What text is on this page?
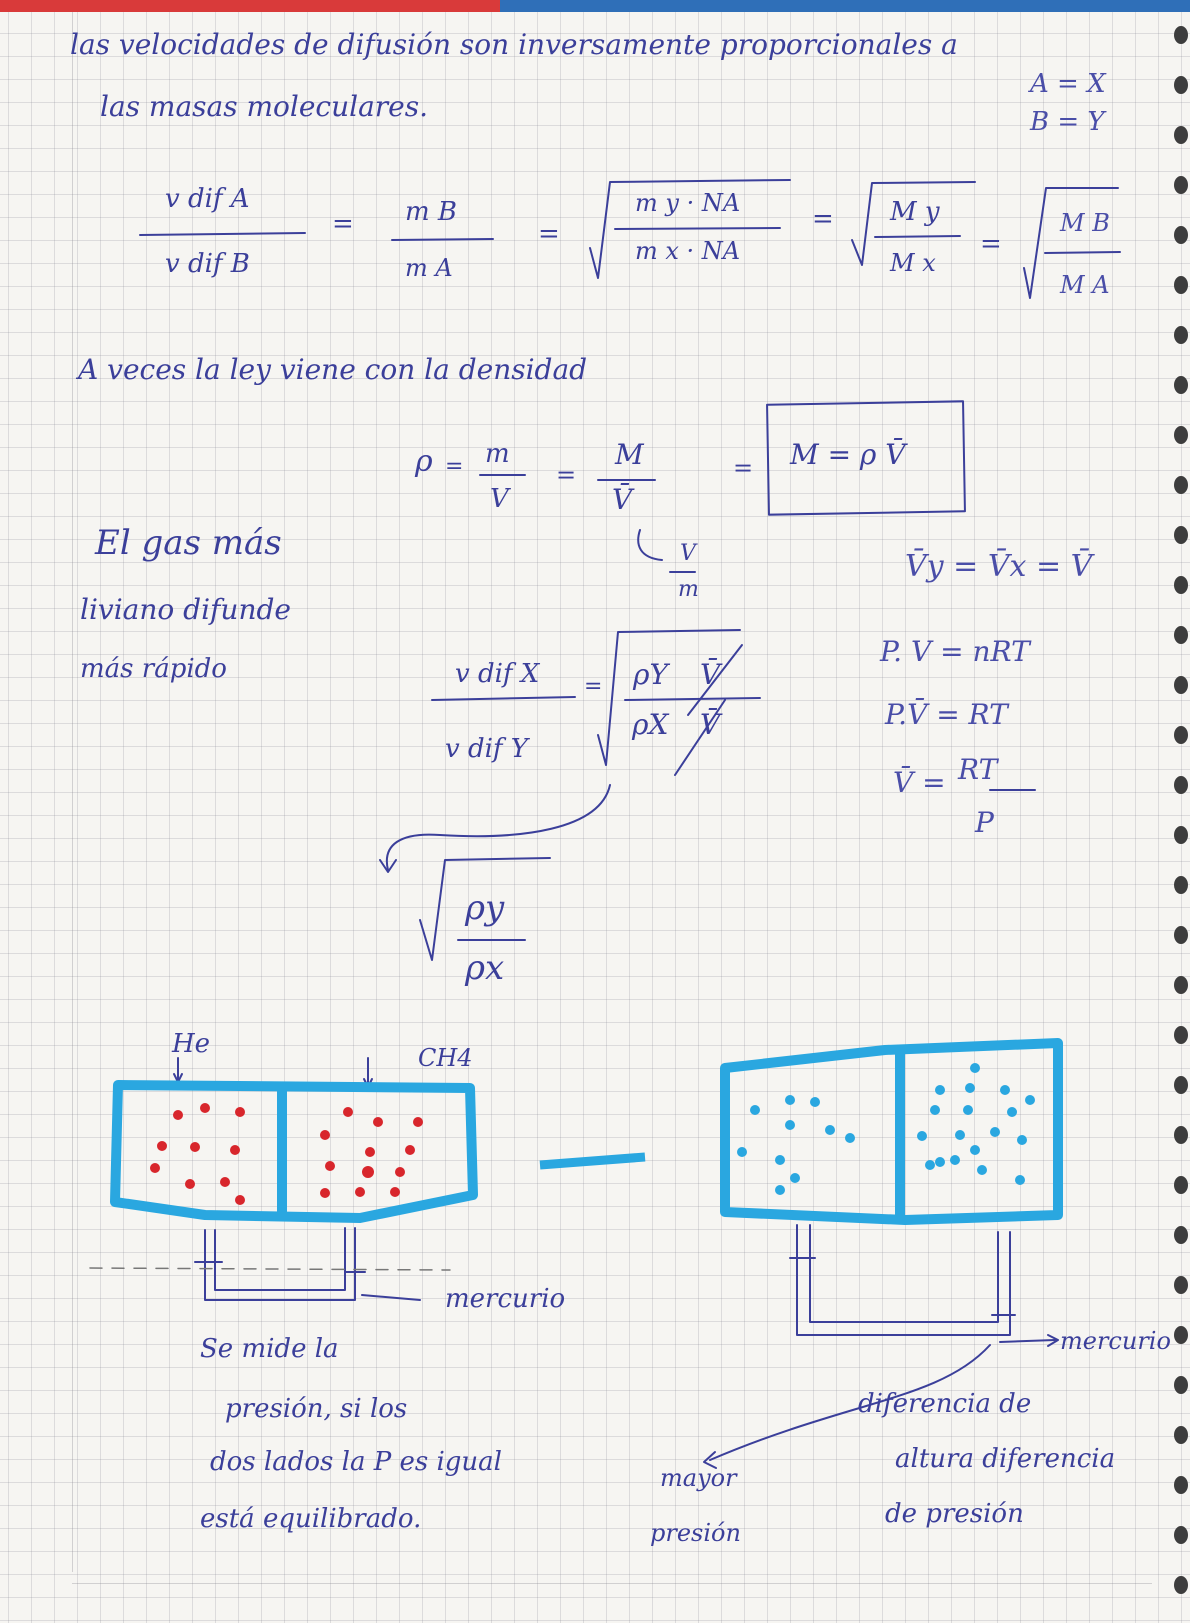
las velocidades de difusión son inversamente proporcionales a
las masas moleculares.
A = X
B = Y
v dif A
v dif B
= m B
m A
=
m y · NA
m x · NA
= M y
M x
=
M B
M A
A veces la ley viene con la densidad
ρ = m
V
=
M
V̄
= M = ρ V̄
V
m
El gas más
liviano difunde
más rápido
V̄y = V̄x = V̄
P. V = nRT
P.V̄ = RT
V̄ = RT
P
v dif X
v dif Y
= ρY
ρX
V̄
V̄
ρy
ρx
He	CH4
mercurio
Se mide la
presión, si los
dos lados la P es igual
está equilibrado.
mercurio
diferencia de
altura diferencia
de presión
mayor
presión
